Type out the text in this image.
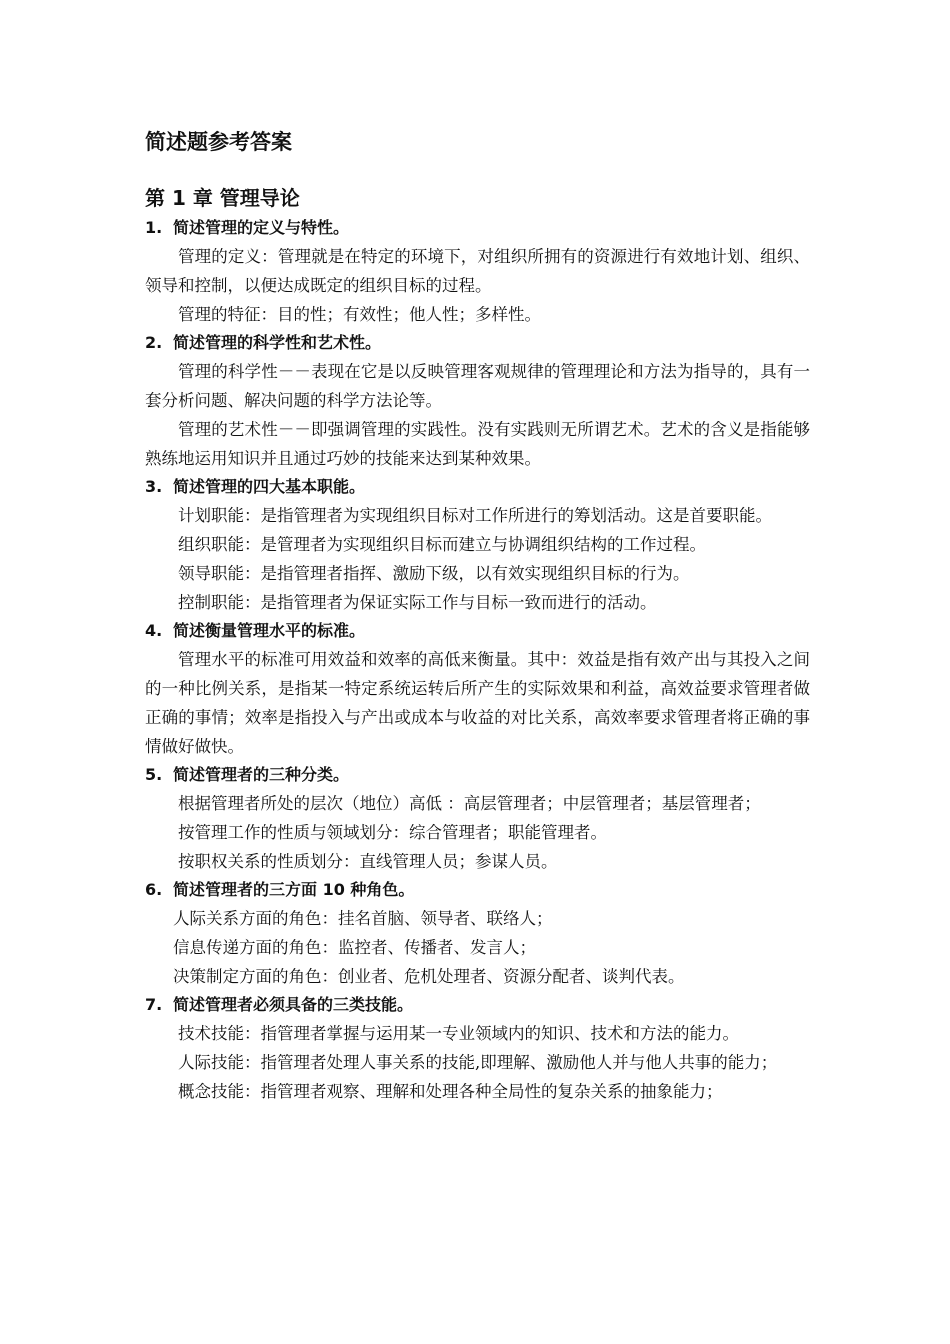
简述题参考答案
第 1 章 管理导论
1. 简述管理的定义与特性。

管理的定义：管理就是在特定的环境下，对组织所拥有的资源进行有效地计划、组织、领导和控制，以便达成既定的组织目标的过程。

管理的特征：目的性；有效性；他人性；多样性。

2. 简述管理的科学性和艺术性。

管理的科学性－－表现在它是以反映管理客观规律的管理理论和方法为指导的，具有一套分析问题、解决问题的科学方法论等。

管理的艺术性－－即强调管理的实践性。没有实践则无所谓艺术。艺术的含义是指能够熟练地运用知识并且通过巧妙的技能来达到某种效果。

3. 简述管理的四大基本职能。

计划职能：是指管理者为实现组织目标对工作所进行的筹划活动。这是首要职能。

组织职能：是管理者为实现组织目标而建立与协调组织结构的工作过程。

领导职能：是指管理者指挥、激励下级，以有效实现组织目标的行为。

控制职能：是指管理者为保证实际工作与目标一致而进行的活动。

4. 简述衡量管理水平的标准。

管理水平的标准可用效益和效率的高低来衡量。其中：效益是指有效产出与其投入之间的一种比例关系，是指某一特定系统运转后所产生的实际效果和利益，高效益要求管理者做正确的事情；效率是指投入与产出或成本与收益的对比关系，高效率要求管理者将正确的事情做好做快。

5. 简述管理者的三种分类。

根据管理者所处的层次（地位）高低 ：高层管理者；中层管理者；基层管理者；

按管理工作的性质与领域划分：综合管理者；职能管理者。

按职权关系的性质划分：直线管理人员；参谋人员。

6. 简述管理者的三方面 10 种角色。

人际关系方面的角色：挂名首脑、领导者、联络人；

信息传递方面的角色：监控者、传播者、发言人；

决策制定方面的角色：创业者、危机处理者、资源分配者、谈判代表。

7. 简述管理者必须具备的三类技能。

技术技能：指管理者掌握与运用某一专业领域内的知识、技术和方法的能力。

人际技能：指管理者处理人事关系的技能,即理解、激励他人并与他人共事的能力；

概念技能：指管理者观察、理解和处理各种全局性的复杂关系的抽象能力；
